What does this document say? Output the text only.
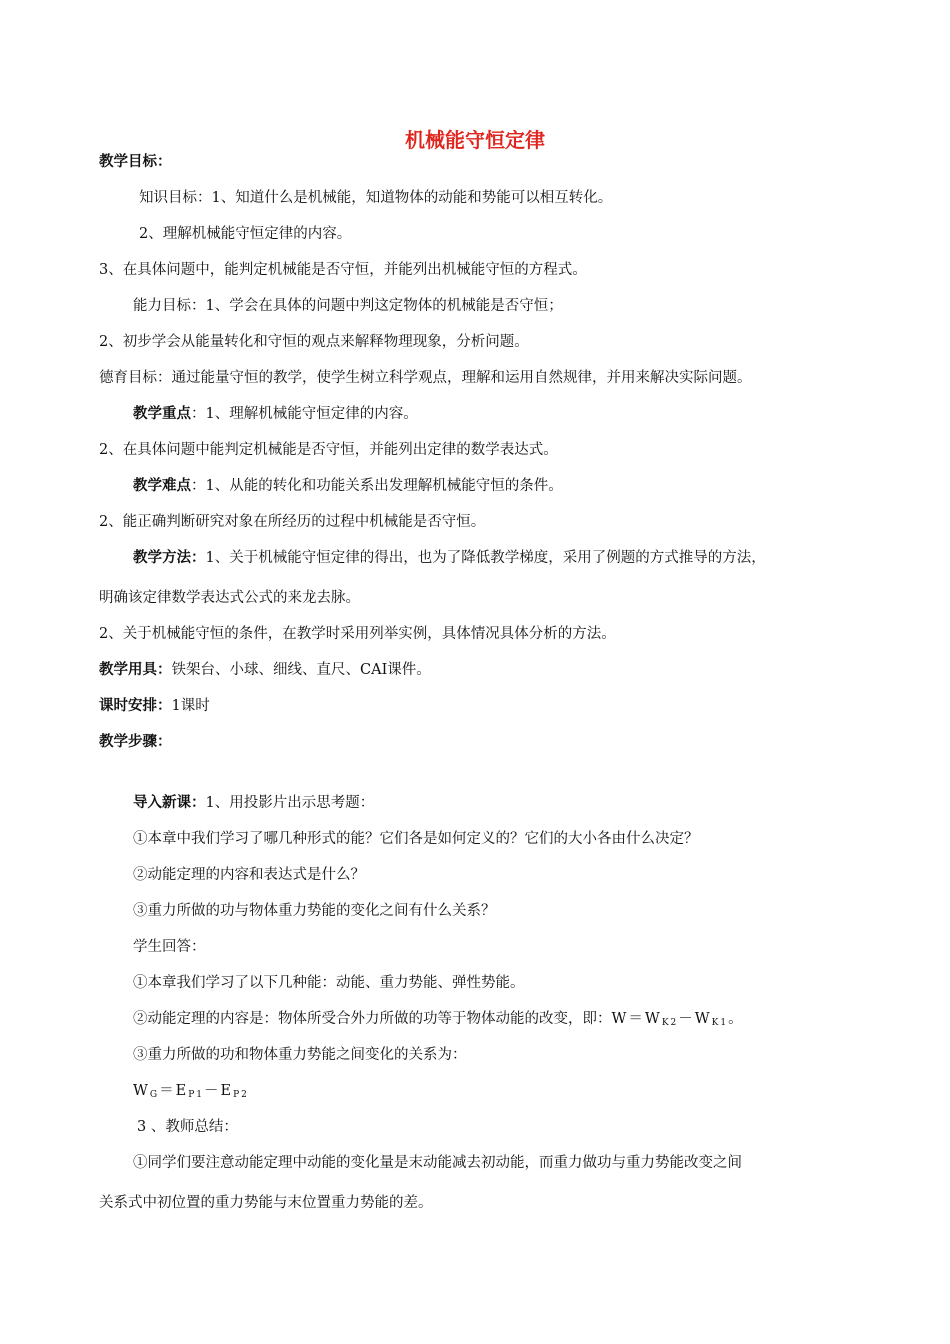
机械能守恒定律

教学目标：

知识目标：1、知道什么是机械能，知道物体的动能和势能可以相互转化。

2、理解机械能守恒定律的内容。

3、在具体问题中，能判定机械能是否守恒，并能列出机械能守恒的方程式。

能力目标：1、学会在具体的问题中判这定物体的机械能是否守恒；

2、初步学会从能量转化和守恒的观点来解释物理现象，分析问题。

德育目标：通过能量守恒的教学，使学生树立科学观点，理解和运用自然规律，并用来解决实际问题。

教学重点：1、理解机械能守恒定律的内容。

2、在具体问题中能判定机械能是否守恒，并能列出定律的数学表达式。

教学难点：1、从能的转化和功能关系出发理解机械能守恒的条件。

2、能正确判断研究对象在所经历的过程中机械能是否守恒。

教学方法：1、关于机械能守恒定律的得出，也为了降低教学梯度，采用了例题的方式推导的方法，

明确该定律数学表达式公式的来龙去脉。

2、关于机械能守恒的条件，在教学时采用列举实例，具体情况具体分析的方法。

教学用具：铁架台、小球、细线、直尺、CAI课件。

课时安排：1课时

教学步骤：

导入新课：1、用投影片出示思考题：

①本章中我们学习了哪几种形式的能？它们各是如何定义的？它们的大小各由什么决定？

②动能定理的内容和表达式是什么？

③重力所做的功与物体重力势能的变化之间有什么关系？

学生回答：

①本章我们学习了以下几种能：动能、重力势能、弹性势能。

②动能定理的内容是：物体所受合外力所做的功等于物体动能的改变，即：$W=W_{K2}-W_{K1}$。

③重力所做的功和物体重力势能之间变化的关系为：

$W_G=E_{P1}-E_{P2}$

3 、教师总结：

①同学们要注意动能定理中动能的变化量是末动能减去初动能，而重力做功与重力势能改变之间

关系式中初位置的重力势能与末位置重力势能的差。
